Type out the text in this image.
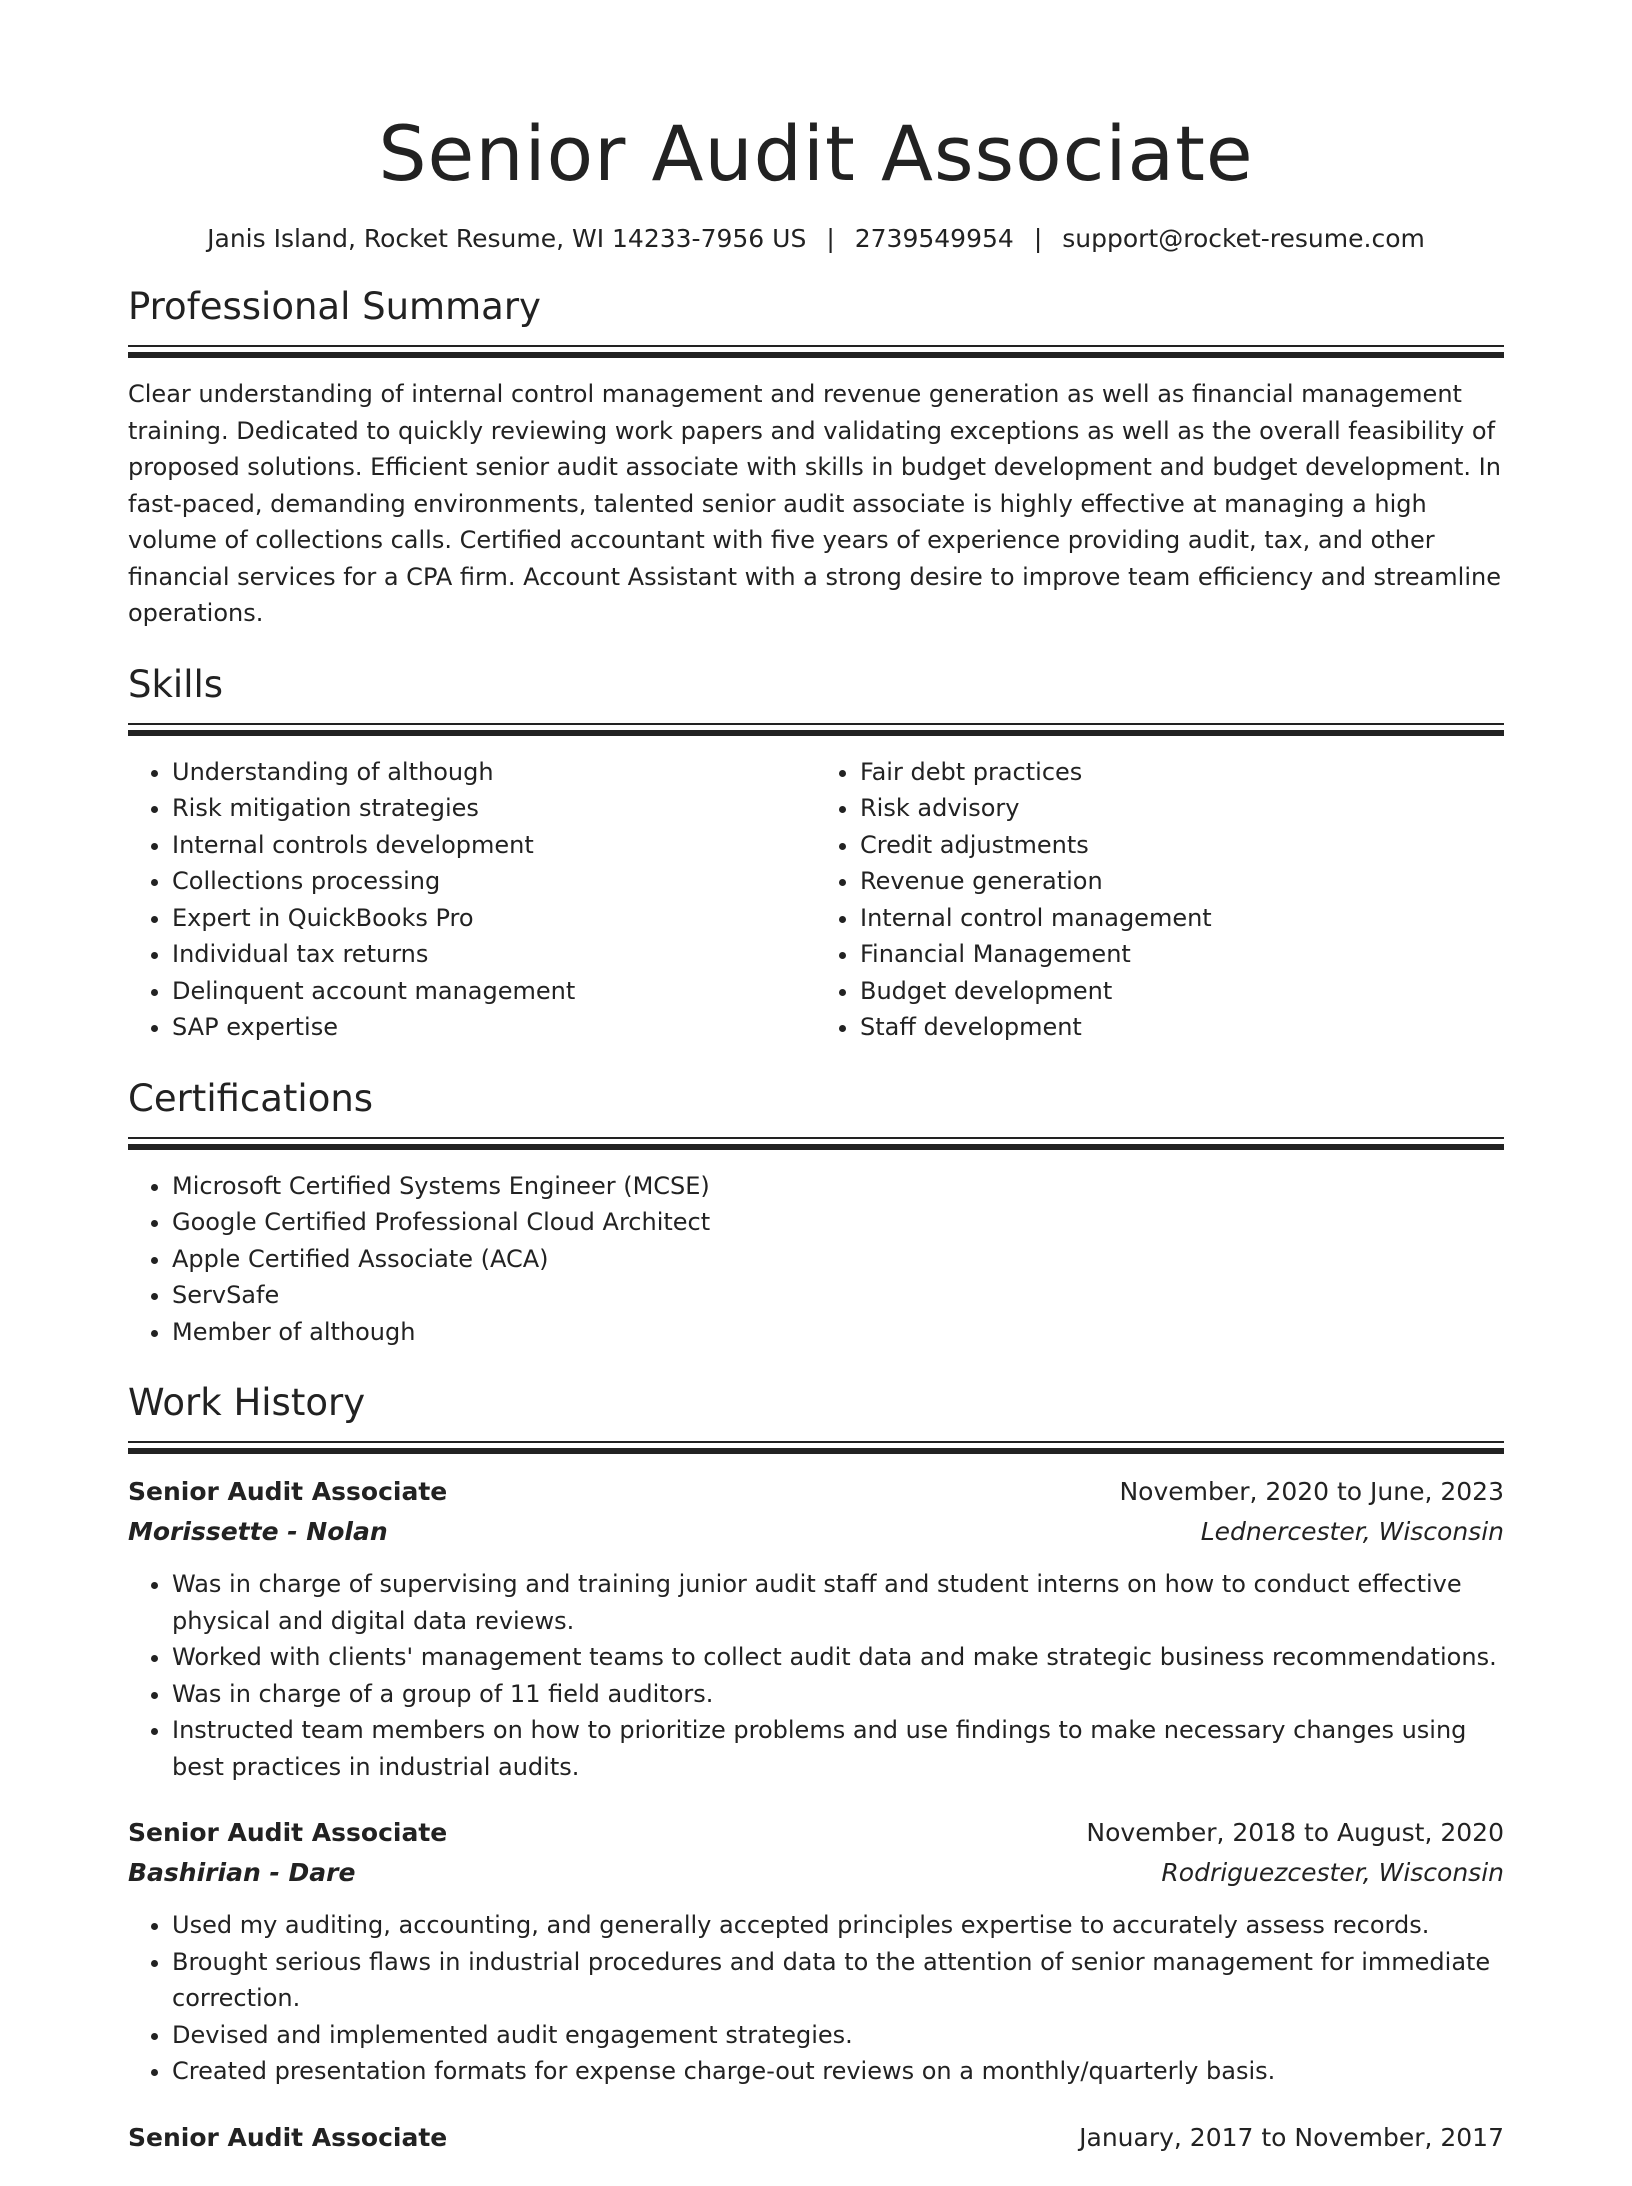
Senior Audit Associate
Janis Island, Rocket Resume, WI 14233-7956 US | 2739549954 | support@rocket-resume.com
Professional Summary

Clear understanding of internal control management and revenue generation as well as financial management training. Dedicated to quickly reviewing work papers and validating exceptions as well as the overall feasibility of proposed solutions. Efficient senior audit associate with skills in budget development and budget development. In fast-paced, demanding environments, talented senior audit associate is highly effective at managing a high volume of collections calls. Certified accountant with five years of experience providing audit, tax, and other financial services for a CPA firm. Account Assistant with a strong desire to improve team efficiency and streamline operations.

Skills
• Understanding of although
• Risk mitigation strategies
• Internal controls development
• Collections processing
• Expert in QuickBooks Pro
• Individual tax returns
• Delinquent account management
• SAP expertise
• Fair debt practices
• Risk advisory
• Credit adjustments
• Revenue generation
• Internal control management
• Financial Management
• Budget development
• Staff development
Certifications
• Microsoft Certified Systems Engineer (MCSE)
• Google Certified Professional Cloud Architect
• Apple Certified Associate (ACA)
• ServSafe
• Member of although
Work History
Senior Audit Associate	November, 2020 to June, 2023
Morissette - Nolan	Lednercester, Wisconsin
• Was in charge of supervising and training junior audit staff and student interns on how to conduct effective physical and digital data reviews.
• Worked with clients' management teams to collect audit data and make strategic business recommendations.
• Was in charge of a group of 11 field auditors.
• Instructed team members on how to prioritize problems and use findings to make necessary changes using best practices in industrial audits.
Senior Audit Associate	November, 2018 to August, 2020
Bashirian - Dare	Rodriguezcester, Wisconsin
• Used my auditing, accounting, and generally accepted principles expertise to accurately assess records.
• Brought serious flaws in industrial procedures and data to the attention of senior management for immediate correction.
• Devised and implemented audit engagement strategies.
• Created presentation formats for expense charge-out reviews on a monthly/quarterly basis.
Senior Audit Associate	January, 2017 to November, 2017
